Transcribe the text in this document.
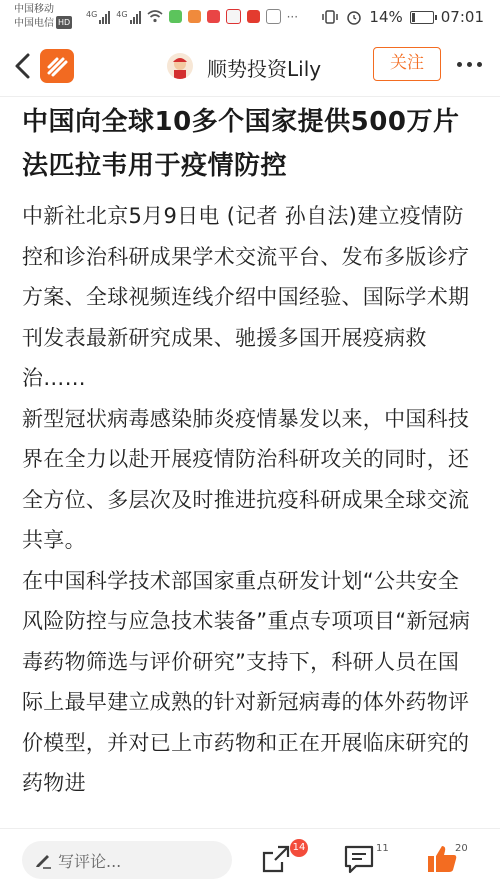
中国移动
中国电信 HD
4G 4G	···	14%	07:01
顺势投资Lily	关注
中国向全球10多个国家提供500万片法匹拉韦用于疫情防控

中新社北京5月9日电 (记者 孙自法)建立疫情防控和诊治科研成果学术交流平台、发布多版诊疗方案、全球视频连线介绍中国经验、国际学术期刊发表最新研究成果、驰援多国开展疫病救治……

新型冠状病毒感染肺炎疫情暴发以来，中国科技界在全力以赴开展疫情防治科研攻关的同时，还全方位、多层次及时推进抗疫科研成果全球交流共享。

在中国科学技术部国家重点研发计划“公共安全风险防控与应急技术装备”重点专项项目“新冠病毒药物筛选与评价研究”支持下，科研人员在国际上最早建立成熟的针对新冠病毒的体外药物评价模型，并对已上市药物和正在开展临床研究的药物进

写评论...
14	11	20
